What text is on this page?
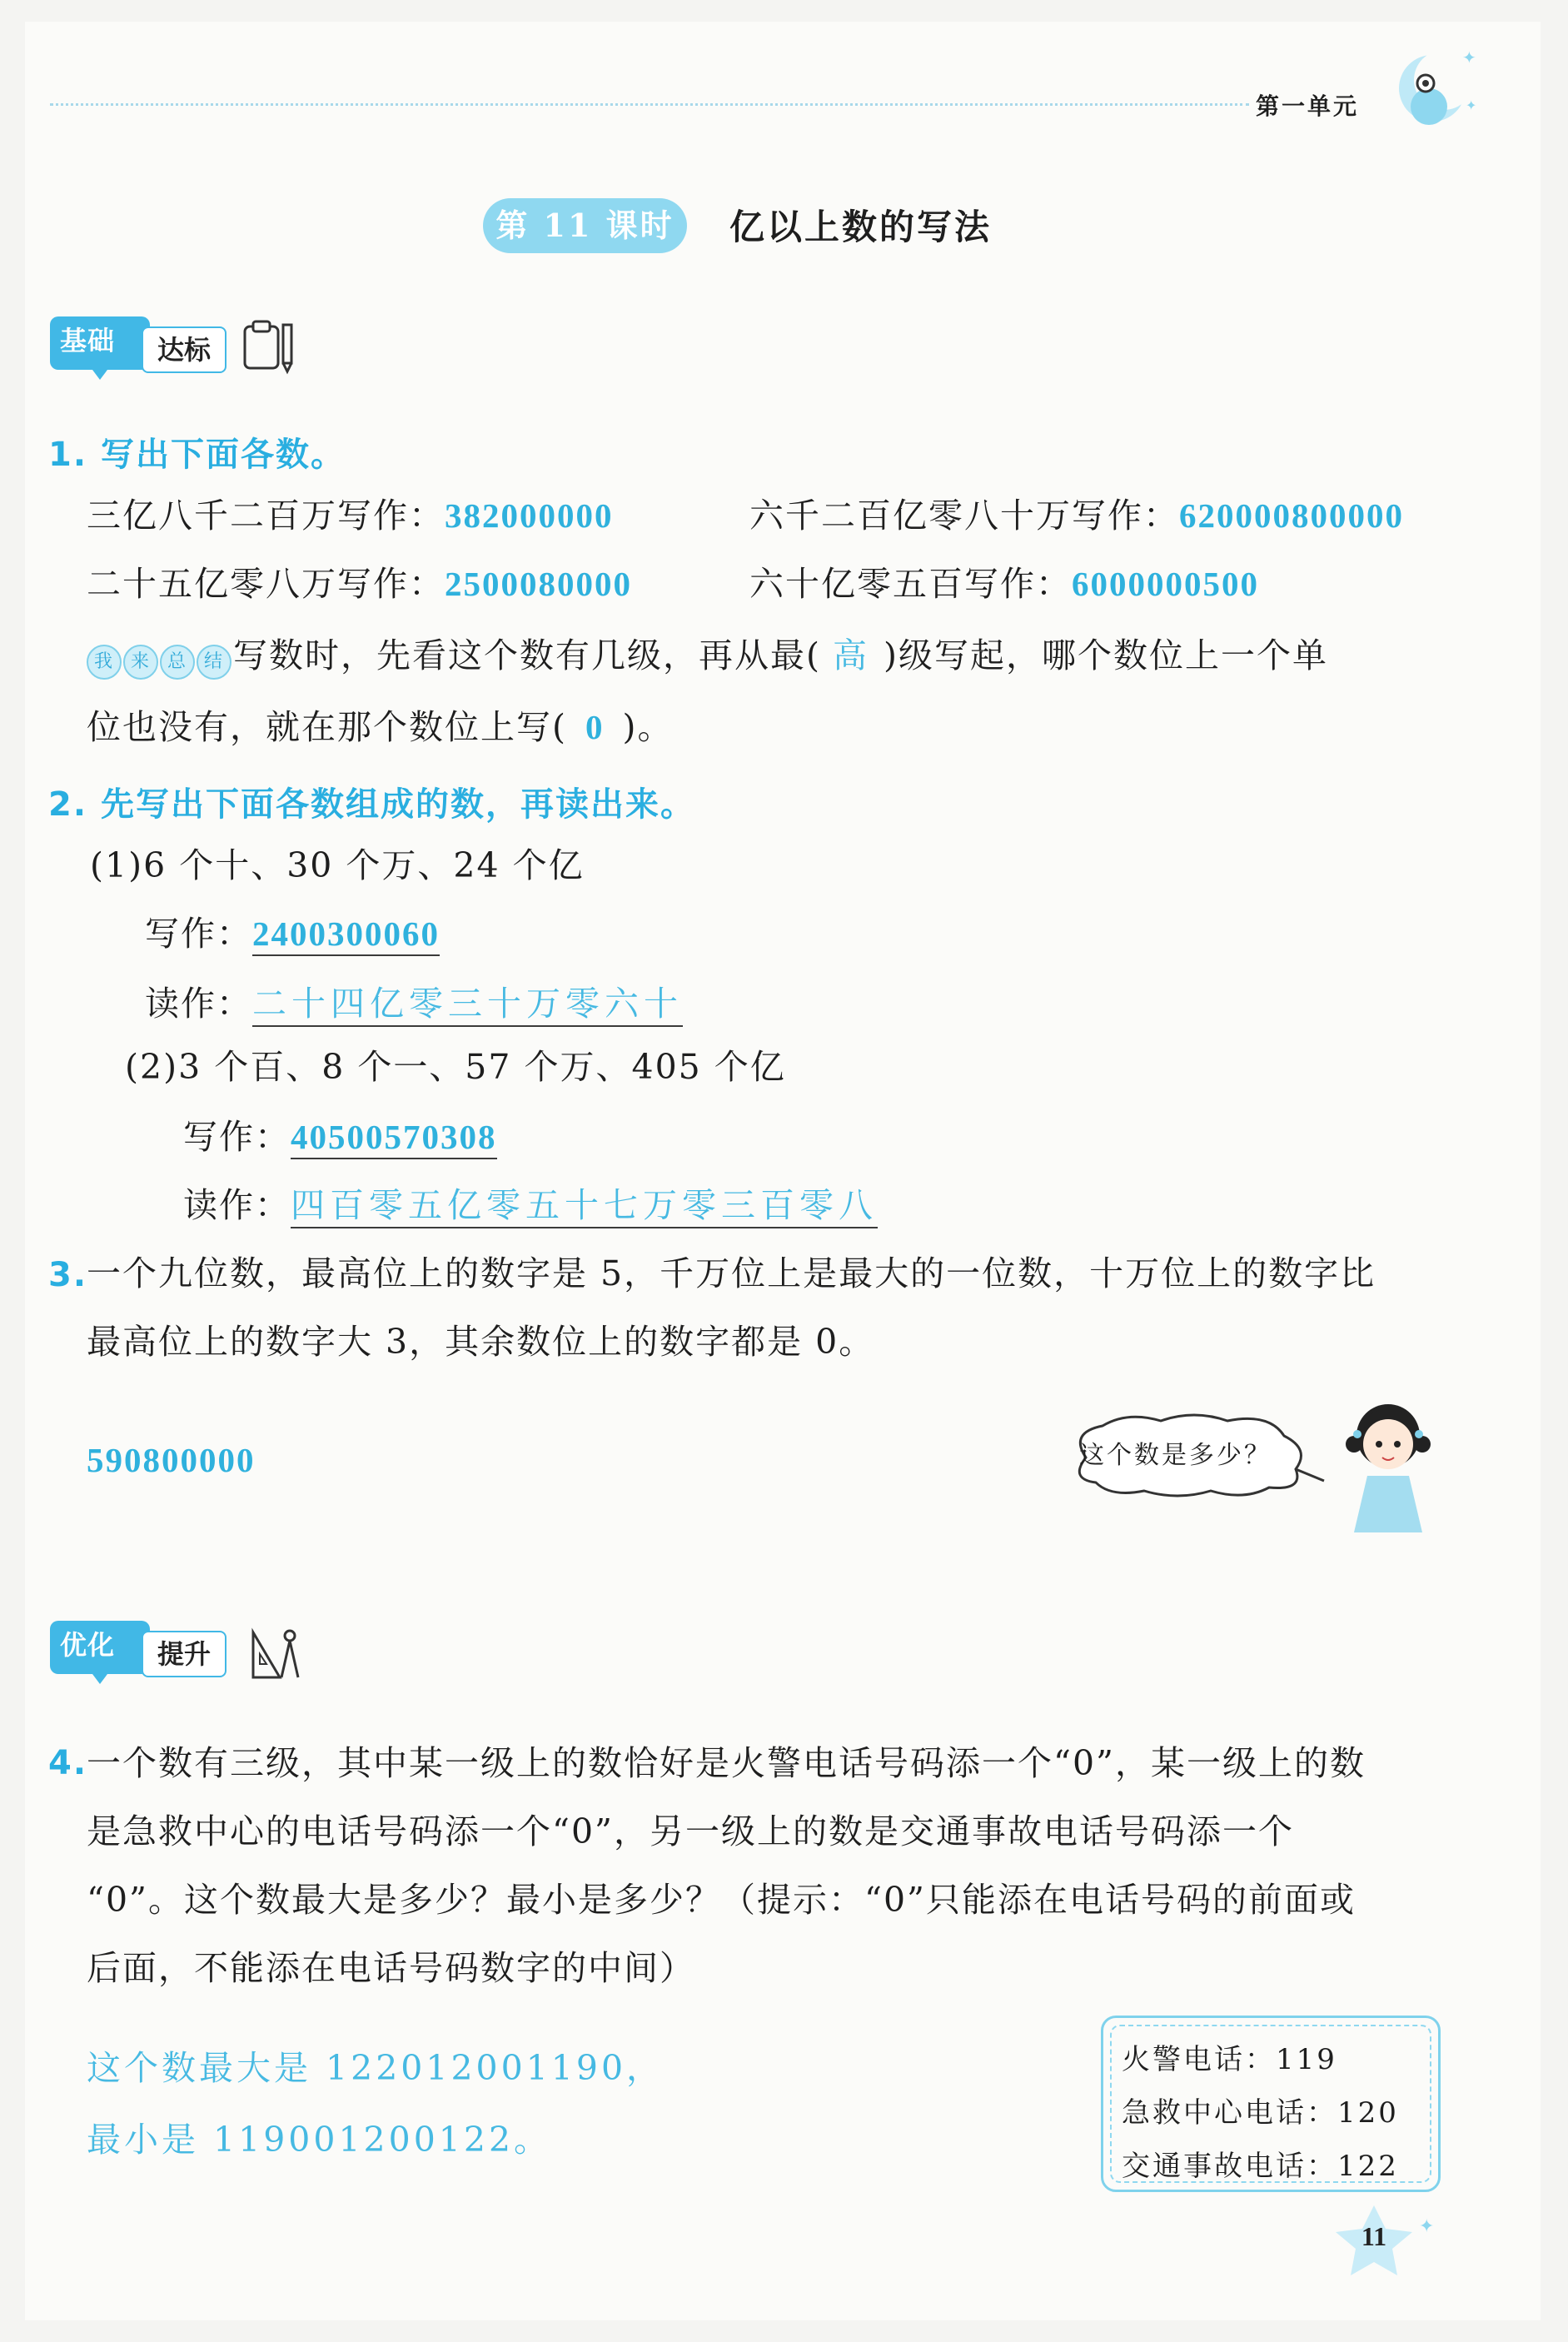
第一单元
✦
✦
第 11 课时	亿以上数的写法
基础	达标
1. 写出下面各数。
三亿八千二百万写作：382000000	六千二百亿零八十万写作：620000800000
二十五亿零八万写作：2500080000	六十亿零五百写作：6000000500
我 来 总 结 写数时，先看这个数有几级，再从最( 高 )级写起，哪个数位上一个单
位也没有，就在那个数位上写( 0 )。
2. 先写出下面各数组成的数，再读出来。
(1)6 个十、30 个万、24 个亿
写作：2400300060
读作：二十四亿零三十万零六十
(2)3 个百、8 个一、57 个万、405 个亿
写作：40500570308
读作：四百零五亿零五十七万零三百零八
3.
一个九位数，最高位上的数字是 5，千万位上是最大的一位数，十万位上的数字比
最高位上的数字大 3，其余数位上的数字都是 0。
590800000	这个数是多少？
优化	提升
4.
一个数有三级，其中某一级上的数恰好是火警电话号码添一个“0”，某一级上的数
是急救中心的电话号码添一个“0”，另一级上的数是交通事故电话号码添一个
“0”。这个数最大是多少？最小是多少？（提示：“0”只能添在电话号码的前面或
后面，不能添在电话号码数字的中间）
这个数最大是 122012001190，
最小是 119001200122。
火警电话：119
急救中心电话：120
交通事故电话：122
✦
11
